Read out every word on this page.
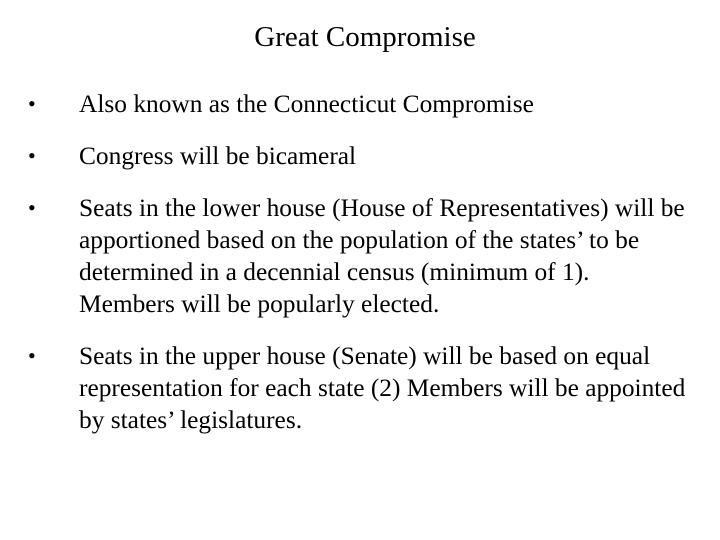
Great Compromise
•	Also known as the Connecticut Compromise
•	Congress will be bicameral
•	Seats in the lower house (House of Representatives) will be apportioned based on the population of the states’ to be determined in a decennial census (minimum of 1). Members will be popularly elected.
•	Seats in the upper house (Senate) will be based on equal representation for each state (2) Members will be appointed by states’ legislatures.
